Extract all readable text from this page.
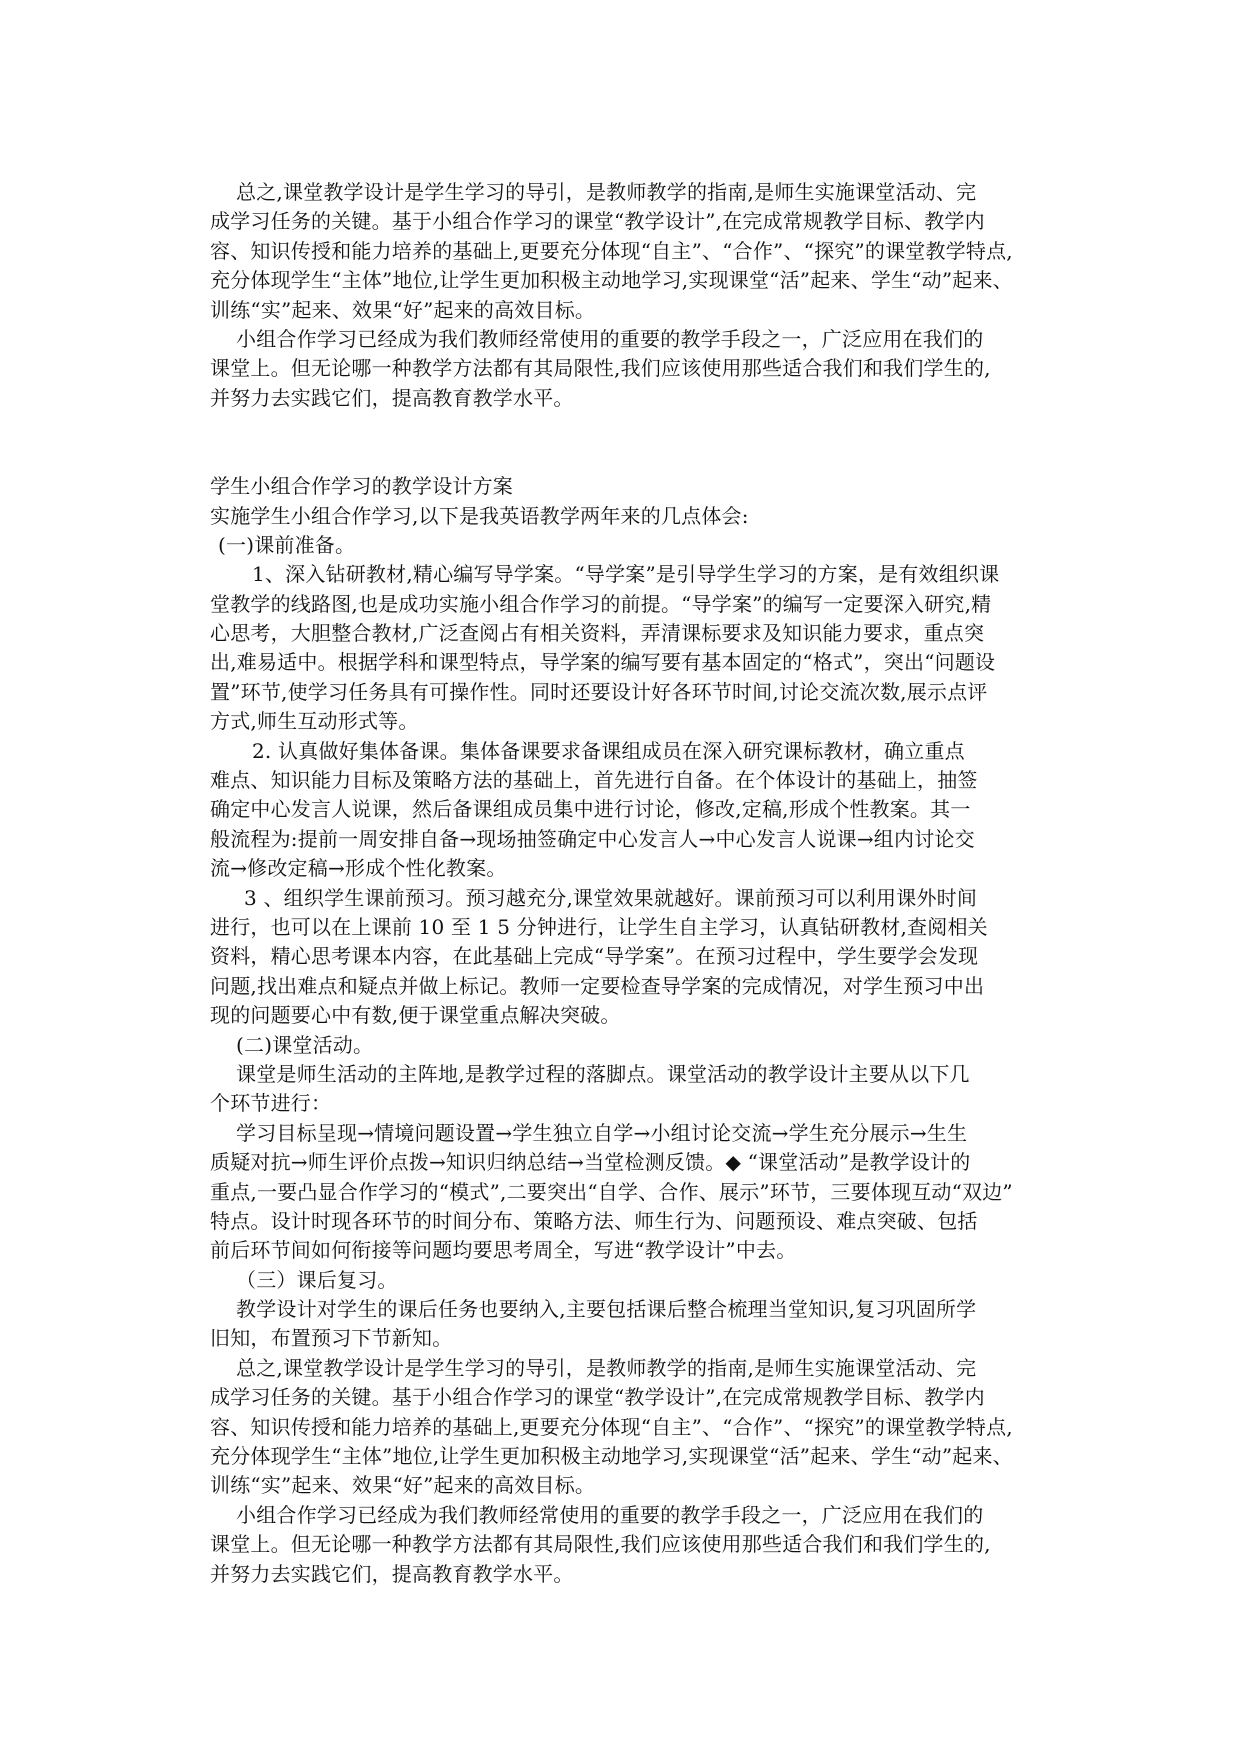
总之,课堂教学设计是学生学习的导引，是教师教学的指南,是师生实施课堂活动、完
成学习任务的关键。基于小组合作学习的课堂“教学设计”,在完成常规教学目标、教学内
容、知识传授和能力培养的基础上,更要充分体现“自主”、“合作”、“探究”的课堂教学特点,
充分体现学生“主体”地位,让学生更加积极主动地学习,实现课堂“活”起来、学生“动”起来、
训练“实”起来、效果“好”起来的高效目标。
小组合作学习已经成为我们教师经常使用的重要的教学手段之一，广泛应用在我们的
课堂上。但无论哪一种教学方法都有其局限性,我们应该使用那些适合我们和我们学生的,
并努力去实践它们，提高教育教学水平。
学生小组合作学习的教学设计方案
实施学生小组合作学习,以下是我英语教学两年来的几点体会:
(一)课前准备。
1、深入钻研教材,精心编写导学案。“导学案”是引导学生学习的方案，是有效组织课
堂教学的线路图,也是成功实施小组合作学习的前提。“导学案”的编写一定要深入研究,精
心思考，大胆整合教材,广泛查阅占有相关资料，弄清课标要求及知识能力要求，重点突
出,难易适中。根据学科和课型特点，导学案的编写要有基本固定的“格式”，突出“问题设
置”环节,使学习任务具有可操作性。同时还要设计好各环节时间,讨论交流次数,展示点评
方式,师生互动形式等。
2. 认真做好集体备课。集体备课要求备课组成员在深入研究课标教材，确立重点
难点、知识能力目标及策略方法的基础上，首先进行自备。在个体设计的基础上，抽签
确定中心发言人说课，然后备课组成员集中进行讨论，修改,定稿,形成个性教案。其一
般流程为:提前一周安排自备→现场抽签确定中心发言人→中心发言人说课→组内讨论交
流→修改定稿→形成个性化教案。
3 、组织学生课前预习。预习越充分,课堂效果就越好。课前预习可以利用课外时间
进行，也可以在上课前 10 至 1 5 分钟进行，让学生自主学习，认真钻研教材,查阅相关
资料，精心思考课本内容，在此基础上完成“导学案”。在预习过程中，学生要学会发现
问题,找出难点和疑点并做上标记。教师一定要检查导学案的完成情况，对学生预习中出
现的问题要心中有数,便于课堂重点解决突破。
(二)课堂活动。
课堂是师生活动的主阵地,是教学过程的落脚点。课堂活动的教学设计主要从以下几
个环节进行：
学习目标呈现→情境问题设置→学生独立自学→小组讨论交流→学生充分展示→生生
质疑对抗→师生评价点拨→知识归纳总结→当堂检测反馈。◆ “课堂活动”是教学设计的
重点,一要凸显合作学习的“模式”,二要突出“自学、合作、展示”环节，三要体现互动“双边”
特点。设计时现各环节的时间分布、策略方法、师生行为、问题预设、难点突破、包括
前后环节间如何衔接等问题均要思考周全，写进“教学设计”中去。
（三）课后复习。
教学设计对学生的课后任务也要纳入,主要包括课后整合梳理当堂知识,复习巩固所学
旧知，布置预习下节新知。
总之,课堂教学设计是学生学习的导引，是教师教学的指南,是师生实施课堂活动、完
成学习任务的关键。基于小组合作学习的课堂“教学设计”,在完成常规教学目标、教学内
容、知识传授和能力培养的基础上,更要充分体现“自主”、“合作”、“探究”的课堂教学特点,
充分体现学生“主体”地位,让学生更加积极主动地学习,实现课堂“活”起来、学生“动”起来、
训练“实”起来、效果“好”起来的高效目标。
小组合作学习已经成为我们教师经常使用的重要的教学手段之一，广泛应用在我们的
课堂上。但无论哪一种教学方法都有其局限性,我们应该使用那些适合我们和我们学生的,
并努力去实践它们，提高教育教学水平。
